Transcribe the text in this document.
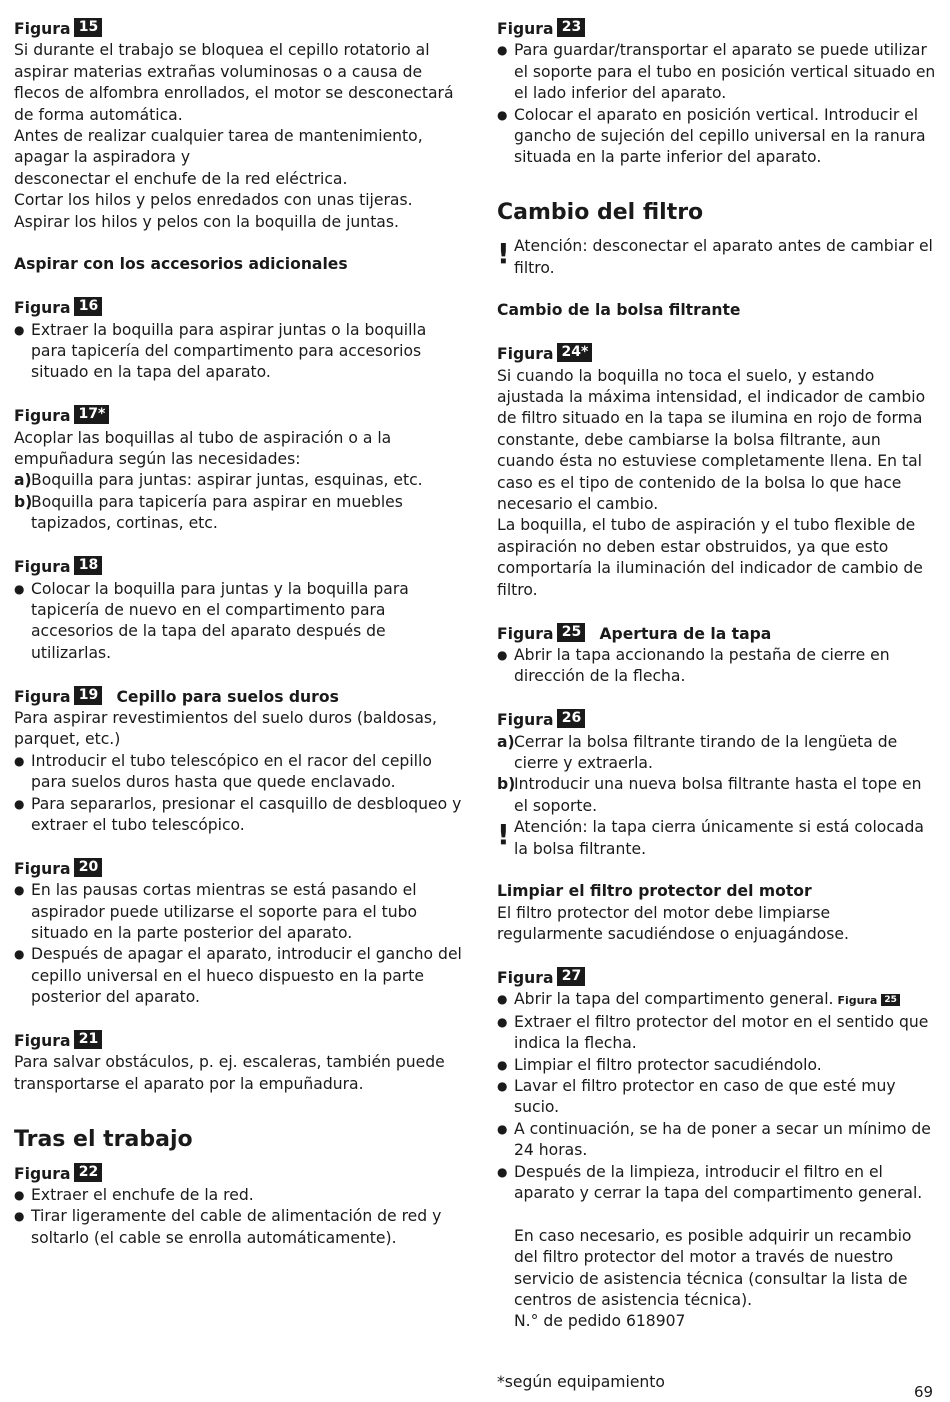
Figura 15
Si durante el trabajo se bloquea el cepillo rotatorio al aspirar materias extrañas voluminosas o a causa de flecos de alfombra enrollados, el motor se desconectará de forma automática.
Antes de realizar cualquier tarea de mantenimiento, apagar la aspiradora y
desconectar el enchufe de la red eléctrica.
Cortar los hilos y pelos enredados con unas tijeras.
Aspirar los hilos y pelos con la boquilla de juntas.
Aspirar con los accesorios adicionales
Figura 16
● Extraer la boquilla para aspirar juntas o la boquilla para tapicería del compartimento para accesorios situado en la tapa del aparato.
Figura 17*
Acoplar las boquillas al tubo de aspiración o a la empuñadura según las necesidades:
a) Boquilla para juntas: aspirar juntas, esquinas, etc.
b)
Boquilla para tapicería para aspirar en muebles tapizados, cortinas, etc.
Figura 18
● Colocar la boquilla para juntas y la boquilla para tapicería de nuevo en el compartimento para accesorios de la tapa del aparato después de utilizarlas.
Figura 19 Cepillo para suelos duros
Para aspirar revestimientos del suelo duros (baldosas, parquet, etc.)
● Introducir el tubo telescópico en el racor del cepillo para suelos duros hasta que quede enclavado.
● Para separarlos, presionar el casquillo de desbloqueo y extraer el tubo telescópico.
Figura 20
● En las pausas cortas mientras se está pasando el aspirador puede utilizarse el soporte para el tubo situado en la parte posterior del aparato.
● Después de apagar el aparato, introducir el gancho del cepillo universal en el hueco dispuesto en la parte posterior del aparato.
Figura 21
Para salvar obstáculos, p. ej. escaleras, también puede transportarse el aparato por la empuñadura.
Tras el trabajo
Figura 22
● Extraer el enchufe de la red.
● Tirar ligeramente del cable de alimentación de red y soltarlo (el cable se enrolla automáticamente).
Figura 23
● Para guardar/transportar el aparato se puede utilizar el soporte para el tubo en posición vertical situado en el lado inferior del aparato.
● Colocar el aparato en posición vertical. Introducir el gancho de sujeción del cepillo universal en la ranura situada en la parte inferior del aparato.
Cambio del filtro
! Atención: desconectar el aparato antes de cambiar el filtro.
Cambio de la bolsa filtrante
Figura 24*
Si cuando la boquilla no toca el suelo, y estando ajustada la máxima intensidad, el indicador de cambio de filtro situado en la tapa se ilumina en rojo de forma constante, debe cambiarse la bolsa filtrante, aun cuando ésta no estuviese completamente llena. En tal caso es el tipo de contenido de la bolsa lo que hace necesario el cambio.
La boquilla, el tubo de aspiración y el tubo flexible de aspiración no deben estar obstruidos, ya que esto comportaría la iluminación del indicador de cambio de filtro.
Figura 25 Apertura de la tapa
● Abrir la tapa accionando la pestaña de cierre en dirección de la flecha.
Figura 26
a) Cerrar la bolsa filtrante tirando de la lengüeta de cierre y extraerla.
b)
Introducir una nueva bolsa filtrante hasta el tope en el soporte.
! Atención: la tapa cierra únicamente si está colocada la bolsa filtrante.
Limpiar el filtro protector del motor
El filtro protector del motor debe limpiarse regularmente sacudiéndose o enjuagándose.
Figura 27
● Abrir la tapa del compartimento general. Figura 25
● Extraer el filtro protector del motor en el sentido que indica la flecha.
● Limpiar el filtro protector sacudiéndolo.
● Lavar el filtro protector en caso de que esté muy sucio.
● A continuación, se ha de poner a secar un mínimo de 24 horas.
● Después de la limpieza, introducir el filtro en el aparato y cerrar la tapa del compartimento general.
En caso necesario, es posible adquirir un recambio del filtro protector del motor a través de nuestro servicio de asistencia técnica (consultar la lista de centros de asistencia técnica).
N.° de pedido 618907
*según equipamiento
69
